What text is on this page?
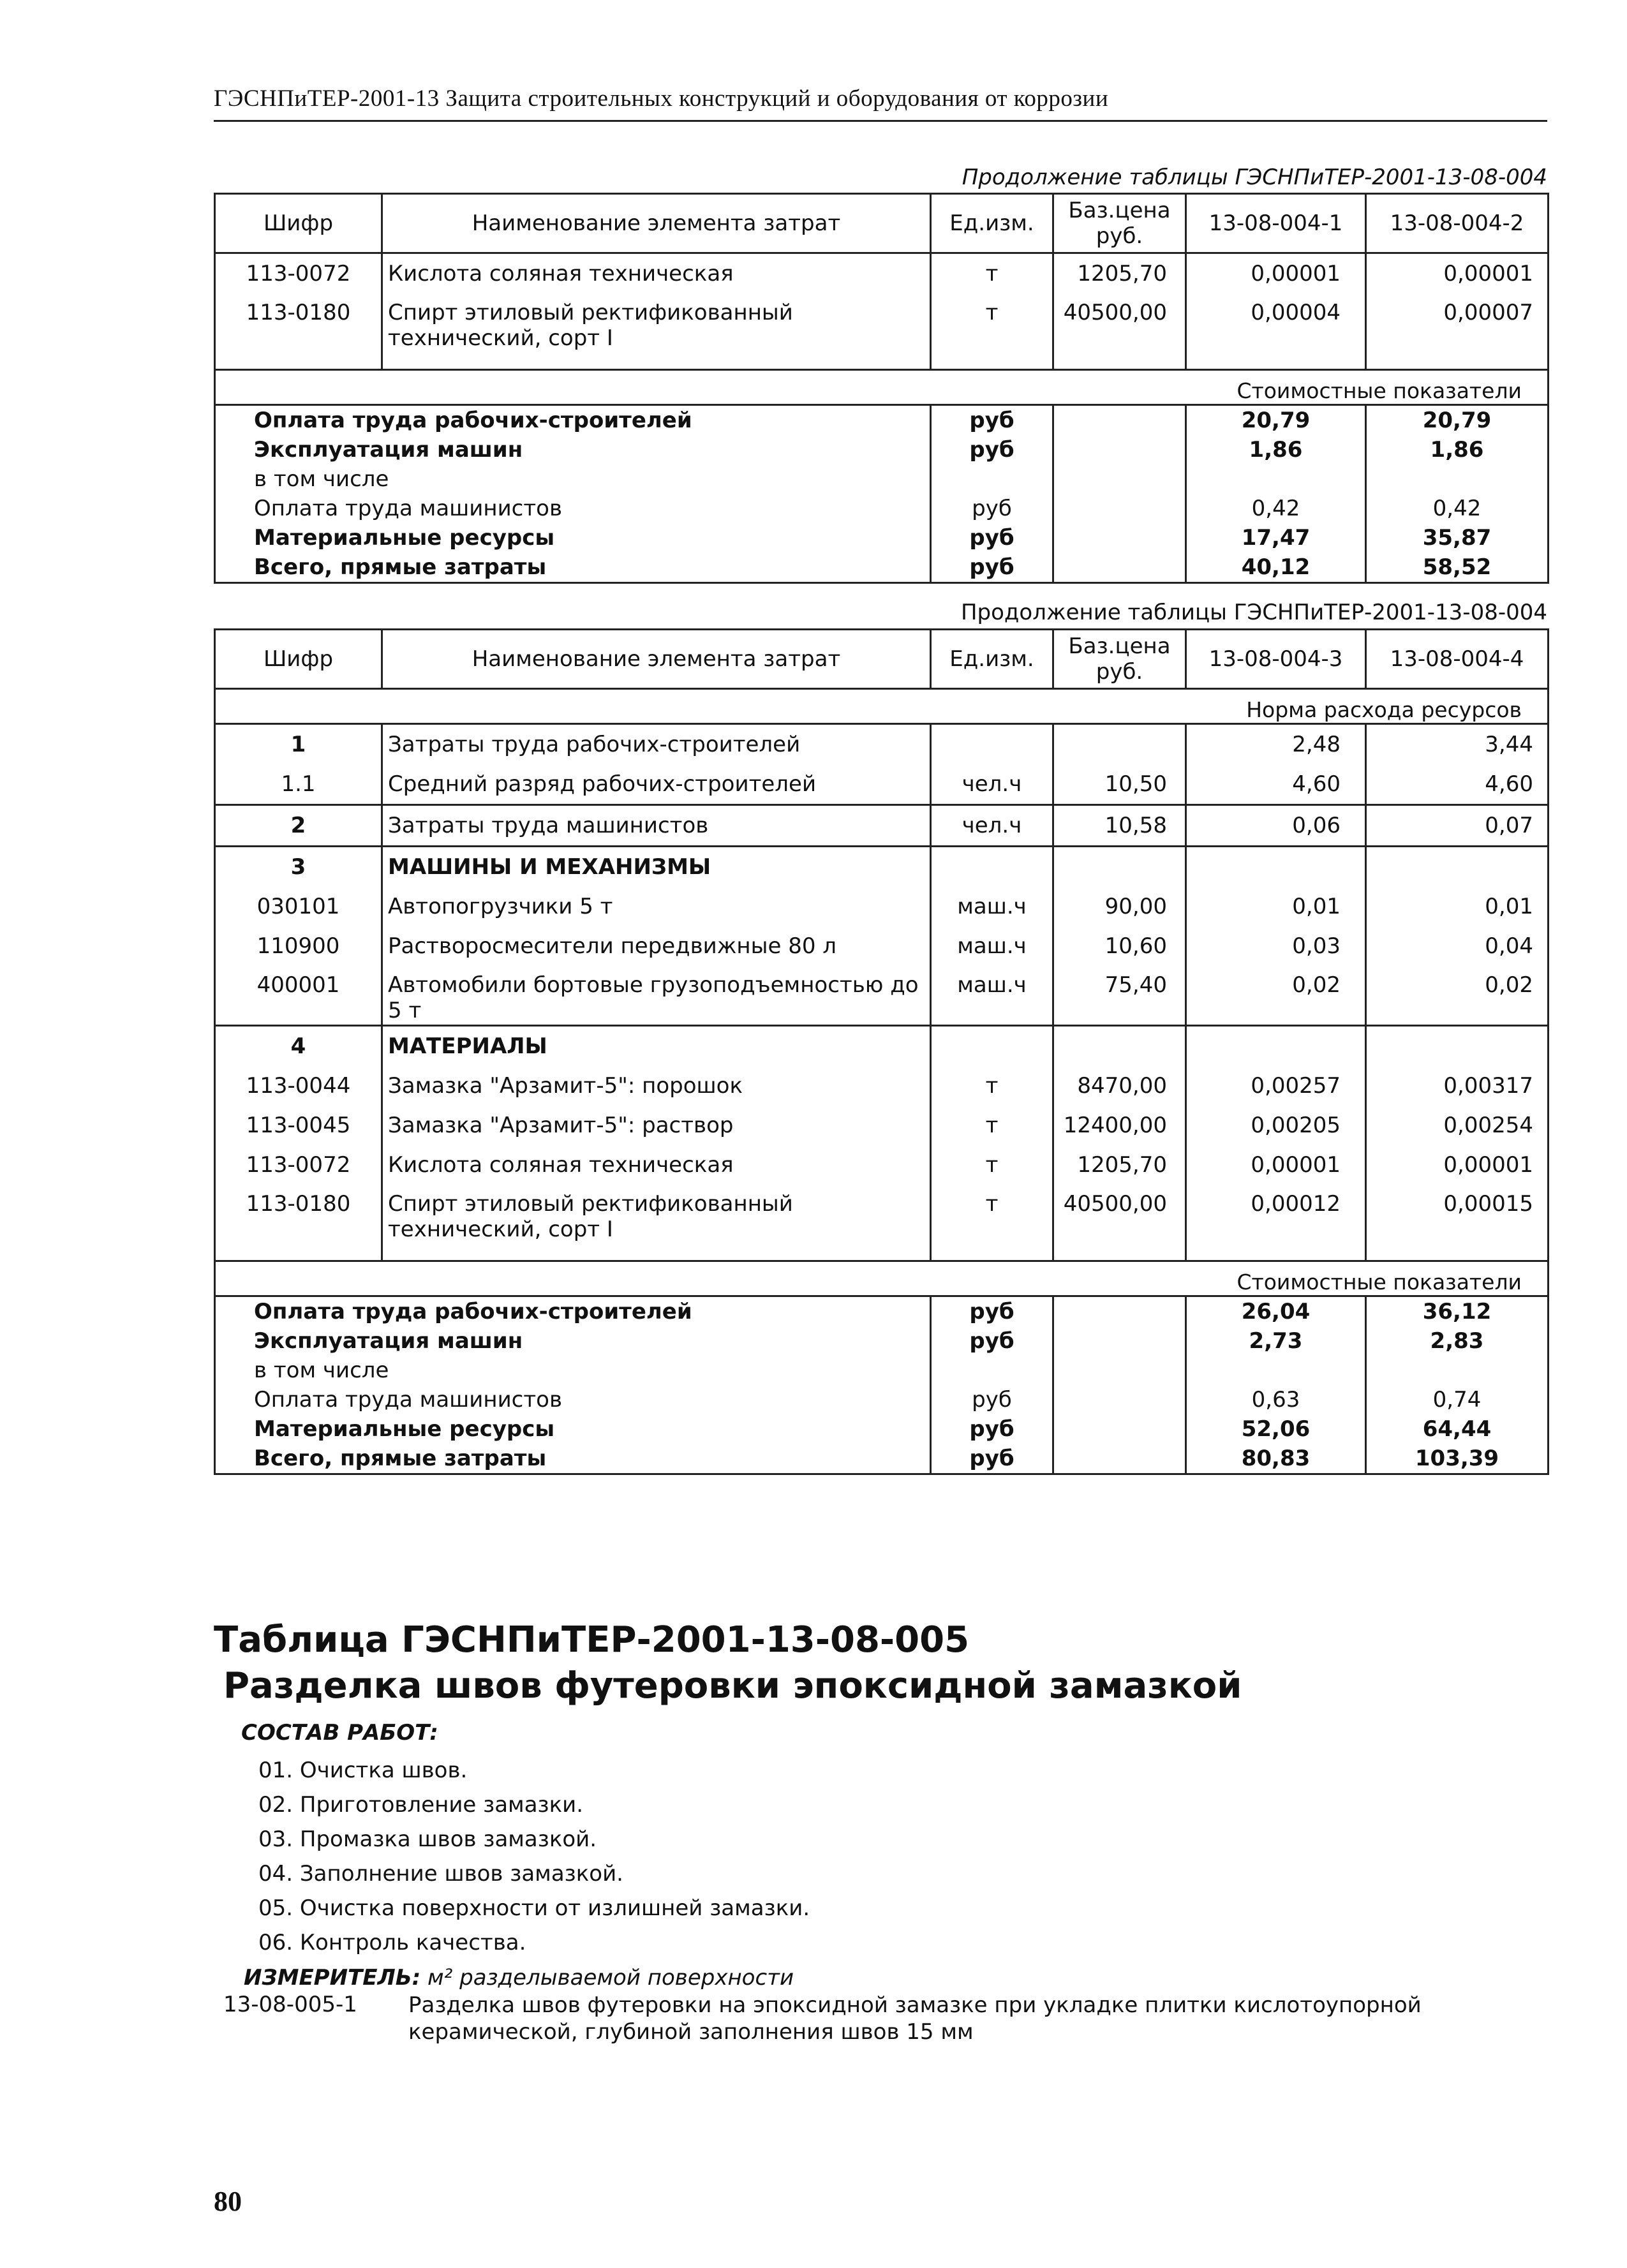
ГЭСНПиТЕР-2001-13 Защита строительных конструкций и оборудования от коррозии
Продолжение таблицы ГЭСНПиТЕР-2001-13-08-004
Шифр	Наименование элемента затрат	Ед.изм.	Баз.цена руб.	13-08-004-1	13-08-004-2
113-0072	Кислота соляная техническая	т	1205,70	0,00001	0,00001
113-0180	Спирт этиловый ректификованный технический, сорт I	т	40500,00	0,00004	0,00007

Стоимостные показатели					
Оплата труда рабочих-строителей		руб		20,79	20,79
Эксплуатация машин		руб		1,86	1,86
в том числе					
Оплата труда машинистов		руб		0,42	0,42
Материальные ресурсы		руб		17,47	35,87
Всего, прямые затраты		руб		40,12	58,52
Продолжение таблицы ГЭСНПиТЕР-2001-13-08-004
Шифр	Наименование элемента затрат	Ед.изм.	Баз.цена руб.	13-08-004-3	13-08-004-4
Норма расхода ресурсов					
1	Затраты труда рабочих-строителей			2,48	3,44
1.1	Средний разряд рабочих-строителей	чел.ч	10,50	4,60	4,60

2	Затраты труда машинистов	чел.ч	10,58	0,06	0,07

3	МАШИНЫ И МЕХАНИЗМЫ				
030101	Автопогрузчики 5 т	маш.ч	90,00	0,01	0,01
110900	Растворосмесители передвижные 80 л	маш.ч	10,60	0,03	0,04
400001	Автомобили бортовые грузоподъемностью до 5 т	маш.ч	75,40	0,02	0,02

4	МАТЕРИАЛЫ				
113-0044	Замазка "Арзамит-5": порошок	т	8470,00	0,00257	0,00317
113-0045	Замазка "Арзамит-5": раствор	т	12400,00	0,00205	0,00254
113-0072	Кислота соляная техническая	т	1205,70	0,00001	0,00001
113-0180	Спирт этиловый ректификованный технический, сорт I	т	40500,00	0,00012	0,00015

Стоимостные показатели					
Оплата труда рабочих-строителей		руб		26,04	36,12
Эксплуатация машин		руб		2,73	2,83
в том числе					
Оплата труда машинистов		руб		0,63	0,74
Материальные ресурсы		руб		52,06	64,44
Всего, прямые затраты		руб		80,83	103,39
Таблица ГЭСНПиТЕР-2001-13-08-005
Разделка швов футеровки эпоксидной замазкой
СОСТАВ РАБОТ:
01. Очистка швов.
02. Приготовление замазки.
03. Промазка швов замазкой.
04. Заполнение швов замазкой.
05. Очистка поверхности от излишней замазки.
06. Контроль качества.
ИЗМЕРИТЕЛЬ: м² разделываемой поверхности
13-08-005-1 Разделка швов футеровки на эпоксидной замазке при укладке плитки кислотоупорной керамической, глубиной заполнения швов 15 мм
80
